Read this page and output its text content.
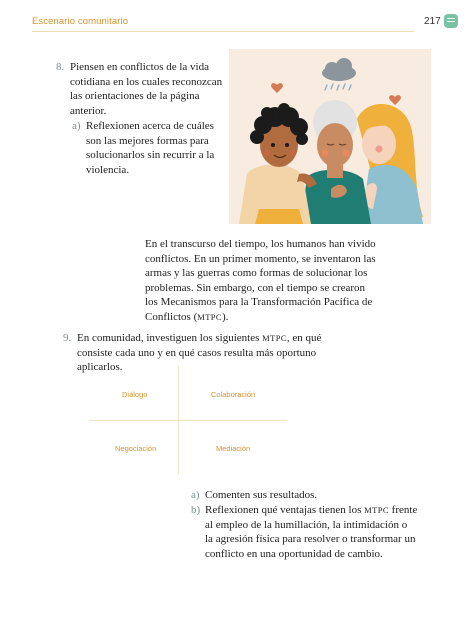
Escenario comunitario	217
8. Piensen en conflictos de la vida
cotidiana en los cuales reconozcan
las orientaciones de la página
anterior.
a) Reflexionen acerca de cuáles
son las mejores formas para
solucionarlos sin recurrir a la
violencia.
En el transcurso del tiempo, los humanos han vivido
conflictos. En un primer momento, se inventaron las
armas y las guerras como formas de solucionar los
problemas. Sin embargo, con el tiempo se crearon
los Mecanismos para la Transformación Pacífica de
Conflictos (MTPC).
9. En comunidad, investiguen los siguientes MTPC, en qué
consiste cada uno y en qué casos resulta más oportuno
aplicarlos.
Diálogo	Colaboración
Negociación	Mediación
a) Comenten sus resultados.
b) Reflexionen qué ventajas tienen los MTPC frente
al empleo de la humillación, la intimidación o
la agresión física para resolver o transformar un
conflicto en una oportunidad de cambio.
